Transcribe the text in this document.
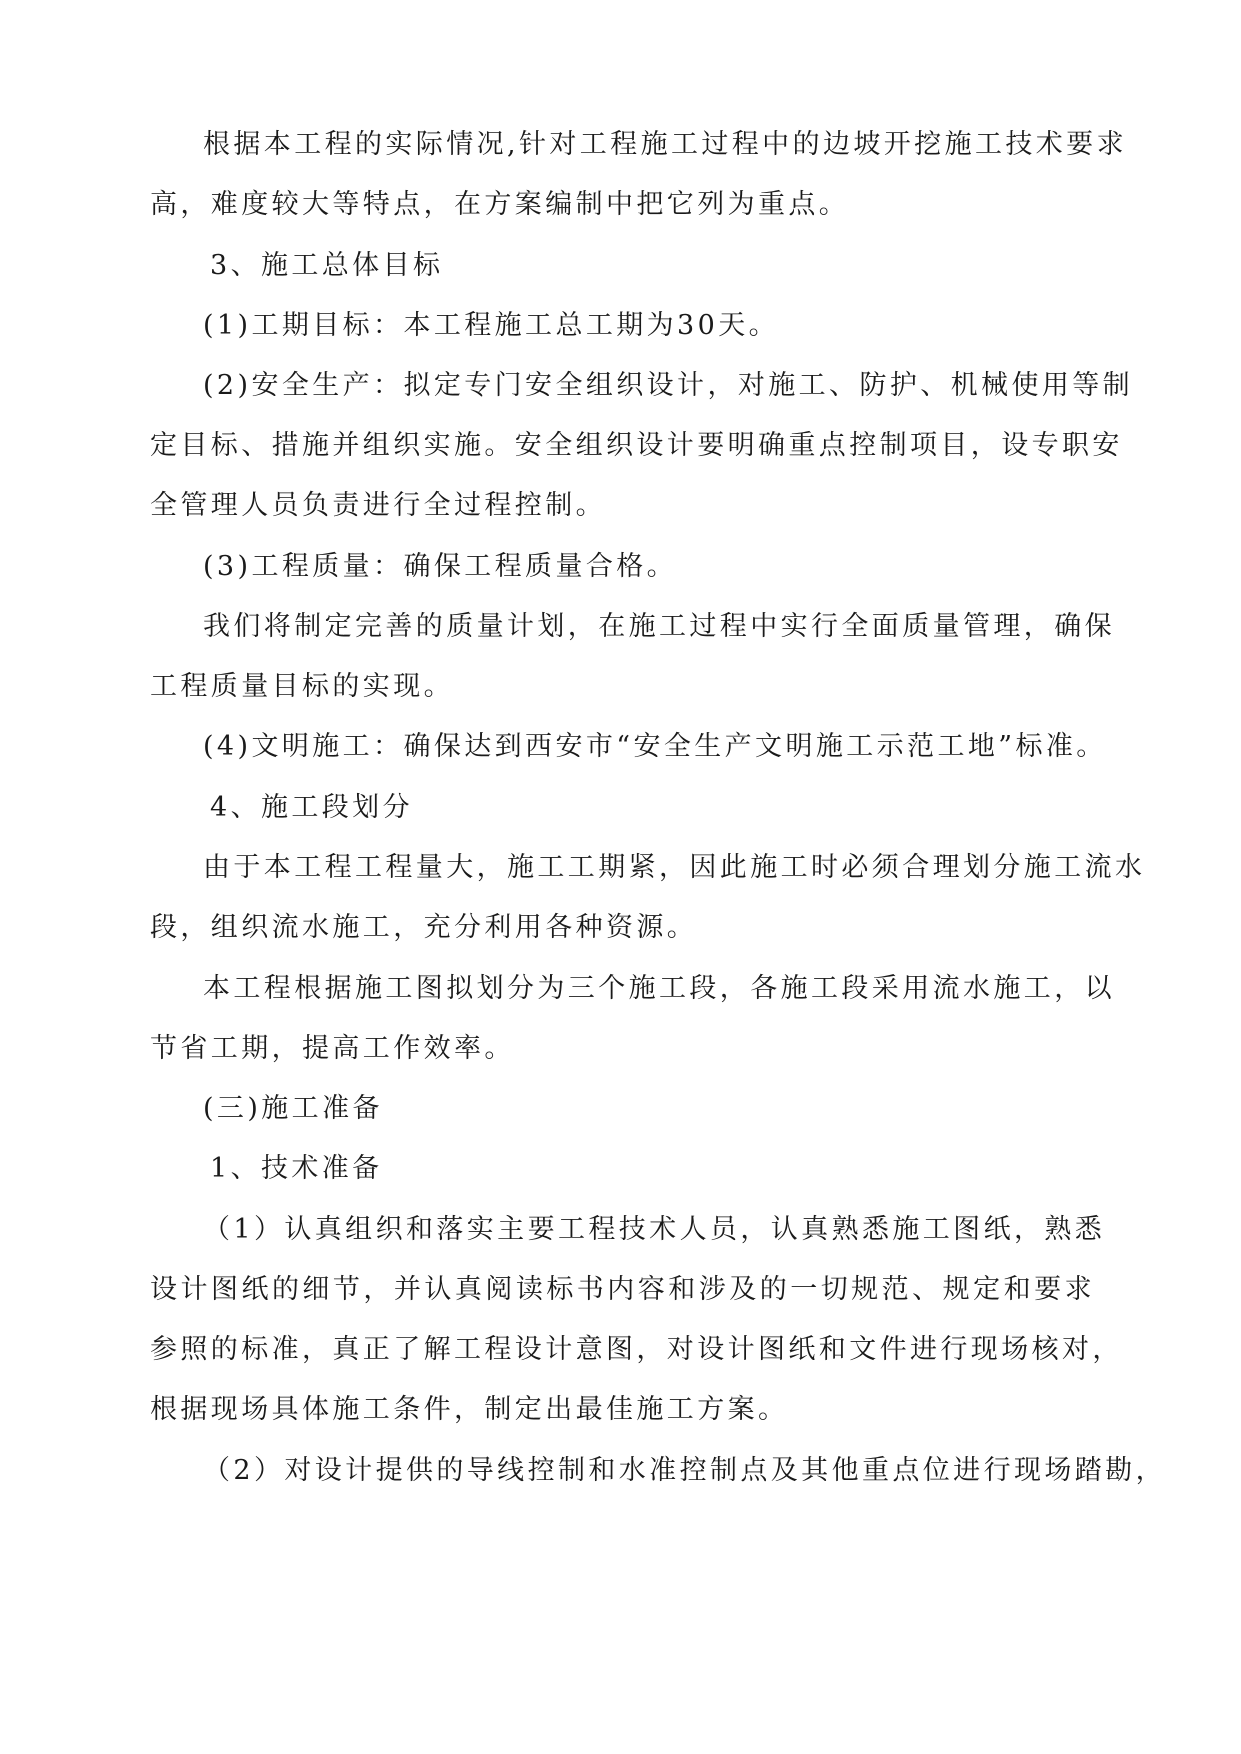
根据本工程的实际情况,针对工程施工过程中的边坡开挖施工技术要求
高，难度较大等特点，在方案编制中把它列为重点。
3、施工总体目标
(1)工期目标：本工程施工总工期为30天。
(2)安全生产：拟定专门安全组织设计，对施工、防护、机械使用等制
定目标、措施并组织实施。安全组织设计要明确重点控制项目，设专职安
全管理人员负责进行全过程控制。
(3)工程质量：确保工程质量合格。
我们将制定完善的质量计划，在施工过程中实行全面质量管理，确保
工程质量目标的实现。
(4)文明施工：确保达到西安市“安全生产文明施工示范工地”标准。
4、施工段划分
由于本工程工程量大，施工工期紧，因此施工时必须合理划分施工流水
段，组织流水施工，充分利用各种资源。
本工程根据施工图拟划分为三个施工段，各施工段采用流水施工，以
节省工期，提高工作效率。
(三)施工准备
1、技术准备
（1）认真组织和落实主要工程技术人员，认真熟悉施工图纸，熟悉
设计图纸的细节，并认真阅读标书内容和涉及的一切规范、规定和要求
参照的标准，真正了解工程设计意图，对设计图纸和文件进行现场核对，
根据现场具体施工条件，制定出最佳施工方案。
（2）对设计提供的导线控制和水准控制点及其他重点位进行现场踏勘，
